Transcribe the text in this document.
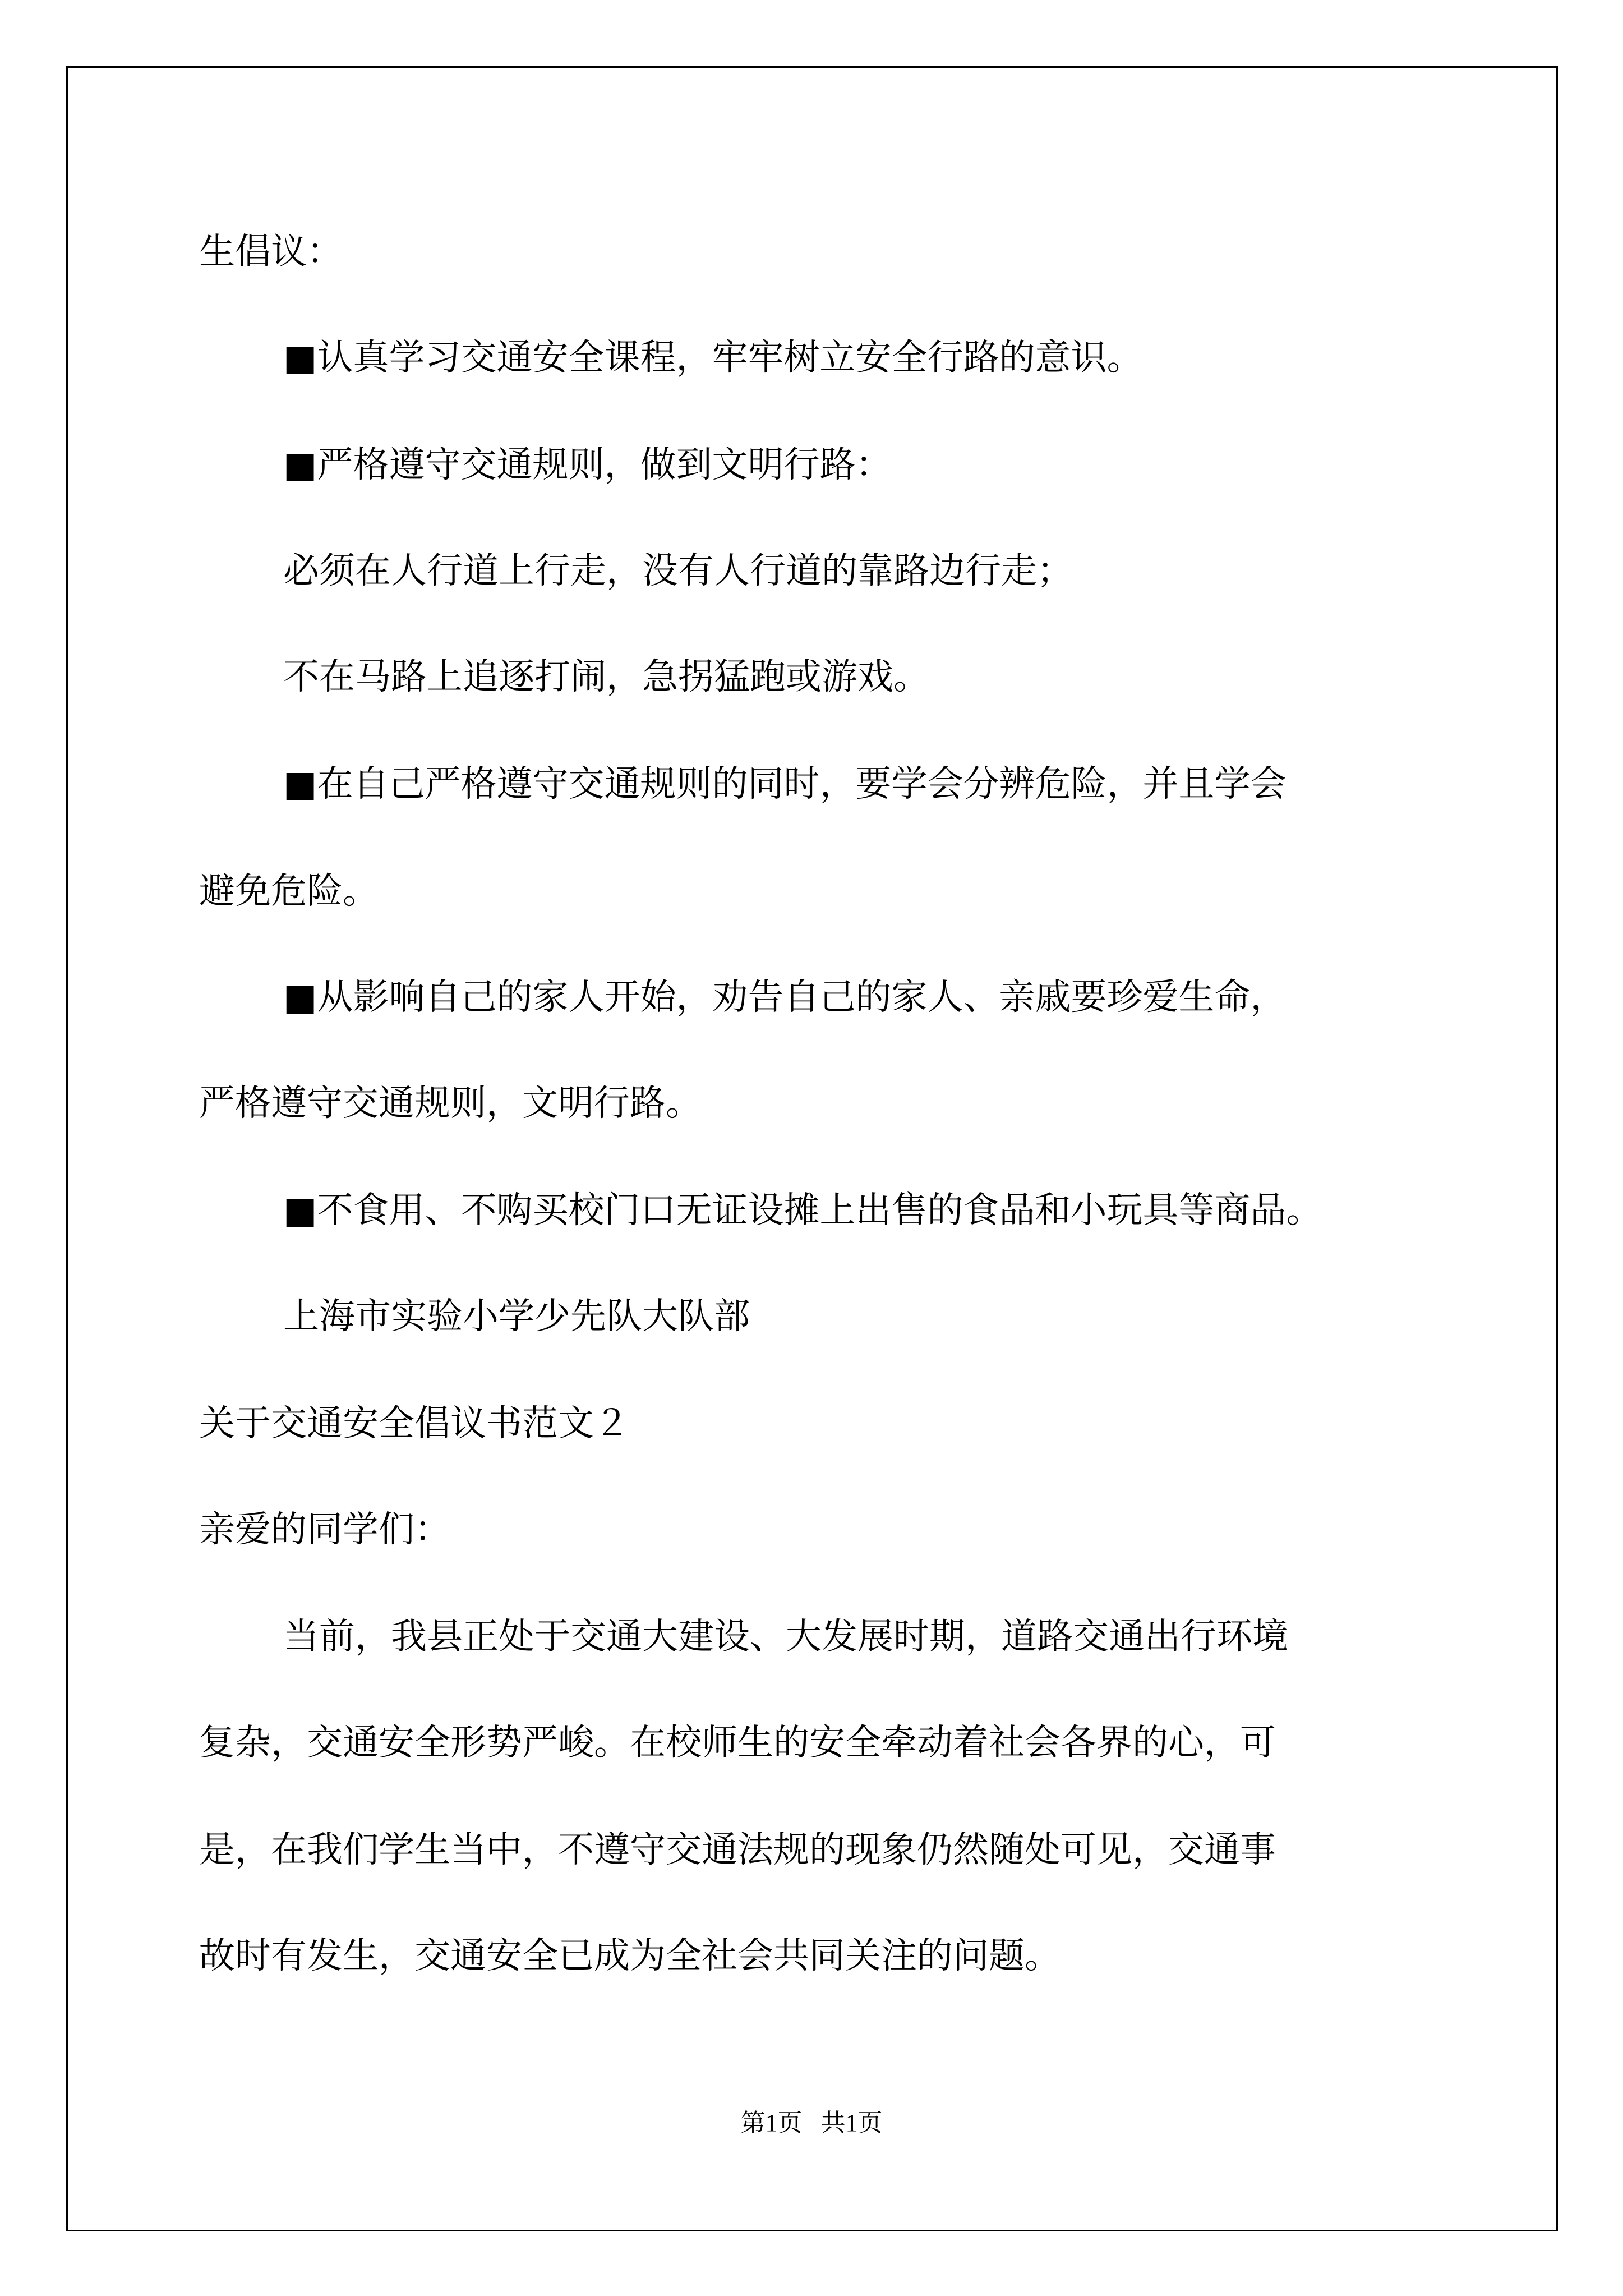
生倡议：
■认真学习交通安全课程，牢牢树立安全行路的意识。
■严格遵守交通规则，做到文明行路：
必须在人行道上行走，没有人行道的靠路边行走；
不在马路上追逐打闹，急拐猛跑或游戏。
■在自己严格遵守交通规则的同时，要学会分辨危险，并且学会
避免危险。
■从影响自己的家人开始，劝告自己的家人、亲戚要珍爱生命，
严格遵守交通规则，文明行路。
■不食用、不购买校门口无证设摊上出售的食品和小玩具等商品。
上海市实验小学少先队大队部
关于交通安全倡议书范文２
亲爱的同学们：
当前，我县正处于交通大建设、大发展时期，道路交通出行环境
复杂，交通安全形势严峻。在校师生的安全牵动着社会各界的心，可
是，在我们学生当中，不遵守交通法规的现象仍然随处可见，交通事
故时有发生，交通安全已成为全社会共同关注的问题。
第1页   共1页
